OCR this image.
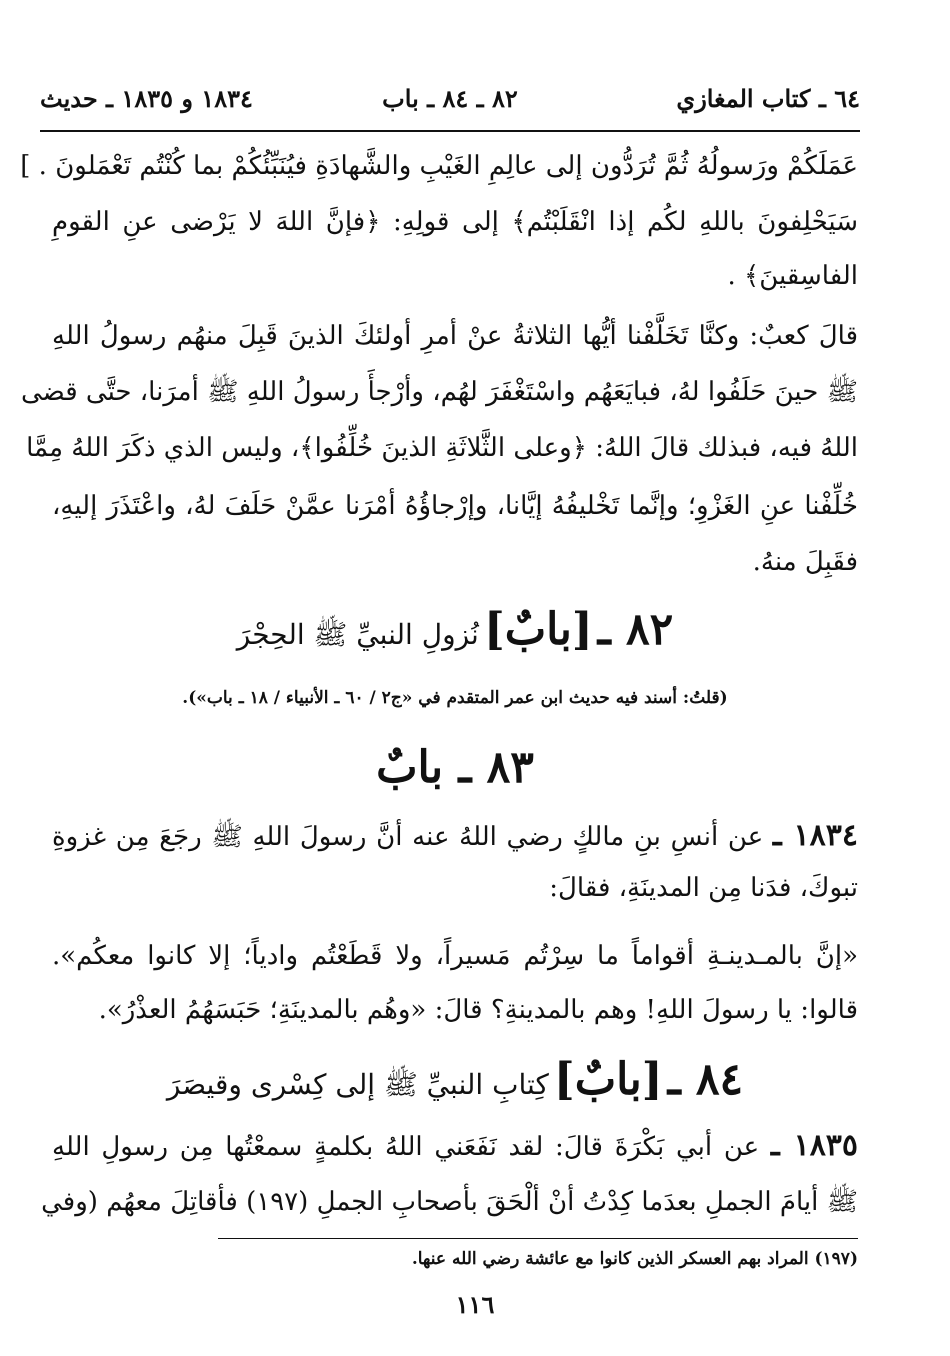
٦٤ ـ كتاب المغازي
٨٢ ـ ٨٤ ـ باب
١٨٣٤ و ١٨٣٥ ـ حديث
عَمَلَكُمْ ورَسولُهُ ثُمَّ تُرَدُّون إلى عالِمِ الغَيْبِ والشَّهادَةِ فيُنَبِّئُكُمْ بما كُنْتُم تَعْمَلونَ . ]
سَيَحْلِفونَ باللهِ لكُم إذا انْقَلَبْتُم﴾ إلى قولِهِ: ﴿فإنَّ اللهَ لا يَرْضى عنِ القومِ
الفاسِقينَ﴾ .
قالَ كعبٌ: وكنَّا تَخَلَّفْنا أيُّها الثلاثةُ عنْ أمرِ أولئكَ الذينَ قَبِلَ منهُم رسولُ اللهِ
ﷺ حينَ حَلَفُوا لهُ، فبايَعَهُم واسْتَغْفَرَ لهُم، وأرْجأَ رسولُ اللهِ ﷺ أمرَنا، حتَّى قضى
اللهُ فيه، فبذلك قالَ اللهُ: ﴿وعلى الثَّلاثَةِ الذينَ خُلِّفُوا﴾، وليس الذي ذكَرَ اللهُ مِمَّا
خُلِّفْنا عنِ الغَزْوِ؛ وإنَّما تَخْليفُهُ إيَّانا، وإرْجاؤُهُ أمْرَنا عمَّنْ حَلَفَ لهُ، واعْتَذَرَ إليهِ،
فقَبِلَ منهُ.
٨٢ ـ [بابٌ] نُزولِ النبيِّ ﷺ الحِجْرَ
(قلتُ: أسند فيه حديث ابن عمر المتقدم في «ج٢ / ٦٠ ـ الأنبياء / ١٨ ـ باب»).
٨٣ ـ بابٌ
١٨٣٤ ـ عن أنسِ بنِ مالكٍ رضي اللهُ عنه أنَّ رسولَ اللهِ ﷺ رجَعَ مِن غزوةِ
تبوكَ، فدَنا مِن المدينَةِ، فقالَ:
«إنَّ بالمـدينـةِ أقواماً ما سِرْتُم مَسيراً، ولا قَطَعْتُم وادياً؛ إلا كانوا معكُم».
قالوا: يا رسولَ اللهِ! وهم بالمدينةِ؟ قالَ: «وهُم بالمدينَةِ؛ حَبَسَهُمُ العذْرُ».
٨٤ ـ [بابٌ] كِتابِ النبيِّ ﷺ إلى كِسْرى وقيصَرَ
١٨٣٥ ـ عن أبي بَكْرَةَ قالَ: لقد نَفَعَني اللهُ بكلمةٍ سمعْتُها مِن رسولِ اللهِ
ﷺ أيامَ الجملِ بعدَما كِدْتُ أنْ ألْحَقَ بأصحابِ الجملِ (١٩٧) فأقاتِلَ معهُم (وفي
(١٩٧) المراد بهم العسكر الذين كانوا مع عائشة رضي الله عنها.
١١٦
